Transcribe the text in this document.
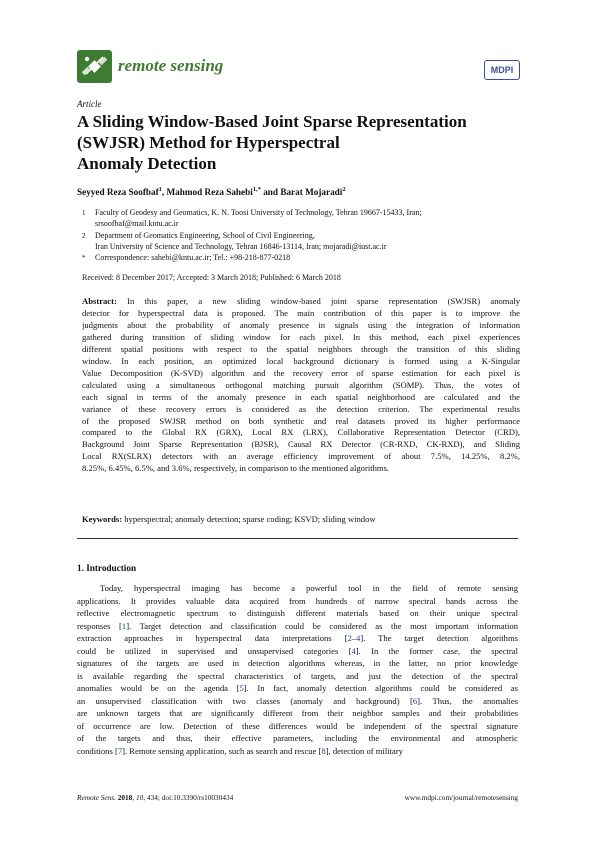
remote sensing	MDPI
Article
A Sliding Window-Based Joint Sparse Representation
(SWJSR) Method for Hyperspectral
Anomaly Detection
Seyyed Reza Soofbaf$^1$, Mahmod Reza Sahebi$^{1,*}$ and Barat Mojaradi$^2$
1 Faculty of Geodesy and Geomatics, K. N. Toosi University of Technology, Tehran 19667-15433, Iran;
srsoofbaf@mail.kntu.ac.ir
2 Department of Geomatics Engineering, School of Civil Engineering,
Iran University of Science and Technology, Tehran 16846-13114, Iran; mojaradi@iust.ac.ir
* Correspondence: sahebi@kntu.ac.ir; Tel.: +98-218-877-0218
Received: 8 December 2017; Accepted: 3 March 2018; Published: 6 March 2018
Abstract: In this paper, a new sliding window-based joint sparse representation (SWJSR) anomaly
detector for hyperspectral data is proposed. The main contribution of this paper is to improve the
judgments about the probability of anomaly presence in signals using the integration of information
gathered during transition of sliding window for each pixel. In this method, each pixel experiences
different spatial positions with respect to the spatial neighbors through the transition of this sliding
window. In each position, an optimized local background dictionary is formed using a K-Singular
Value Decomposition (K-SVD) algorithm and the recovery error of sparse estimation for each pixel is
calculated using a simultaneous orthogonal matching pursuit algorithm (SOMP). Thus, the votes of
each signal in terms of the anomaly presence in each spatial neighborhood are calculated and the
variance of these recovery errors is considered as the detection criterion. The experimental results
of the proposed SWJSR method on both synthetic and real datasets proved its higher performance
compared to the Global RX (GRX), Local RX (LRX), Collaborative Representation Detector (CRD),
Background Joint Sparse Representation (BJSR), Causal RX Detector (CR-RXD, CK-RXD), and Sliding
Local RX(SLRX) detectors with an average efficiency improvement of about 7.5%, 14.25%, 8.2%,
8.25%, 6.45%, 6.5%, and 3.6%, respectively, in comparison to the mentioned algorithms.
Keywords: hyperspectral; anomaly detection; sparse coding; KSVD; sliding window
1. Introduction
Today, hyperspectral imaging has become a powerful tool in the field of remote sensing
applications. It provides valuable data acquired from hundreds of narrow spectral bands across the
reflective electromagnetic spectrum to distinguish different materials based on their unique spectral
responses [1]. Target detection and classification could be considered as the most important information
extraction approaches in hyperspectral data interpretations [2–4]. The target detection algorithms
could be utilized in supervised and unsupervised categories [4]. In the former case, the spectral
signatures of the targets are used in detection algorithms whereas, in the latter, no prior knowledge
is available regarding the spectral characteristics of targets, and just the detection of the spectral
anomalies would be on the agenda [5]. In fact, anomaly detection algorithms could be considered as
an unsupervised classification with two classes (anomaly and background) [6]. Thus, the anomalies
are unknown targets that are significantly different from their neighbor samples and their probabilities
of occurrence are low. Detection of these differences would be independent of the spectral signature
of the targets and thus, their effective parameters, including the environmental and atmospheric
conditions [7]. Remote sensing application, such as search and rescue [8], detection of military
Remote Sens. 2018, 10, 434; doi:10.3390/rs10030434	www.mdpi.com/journal/remotesensing
